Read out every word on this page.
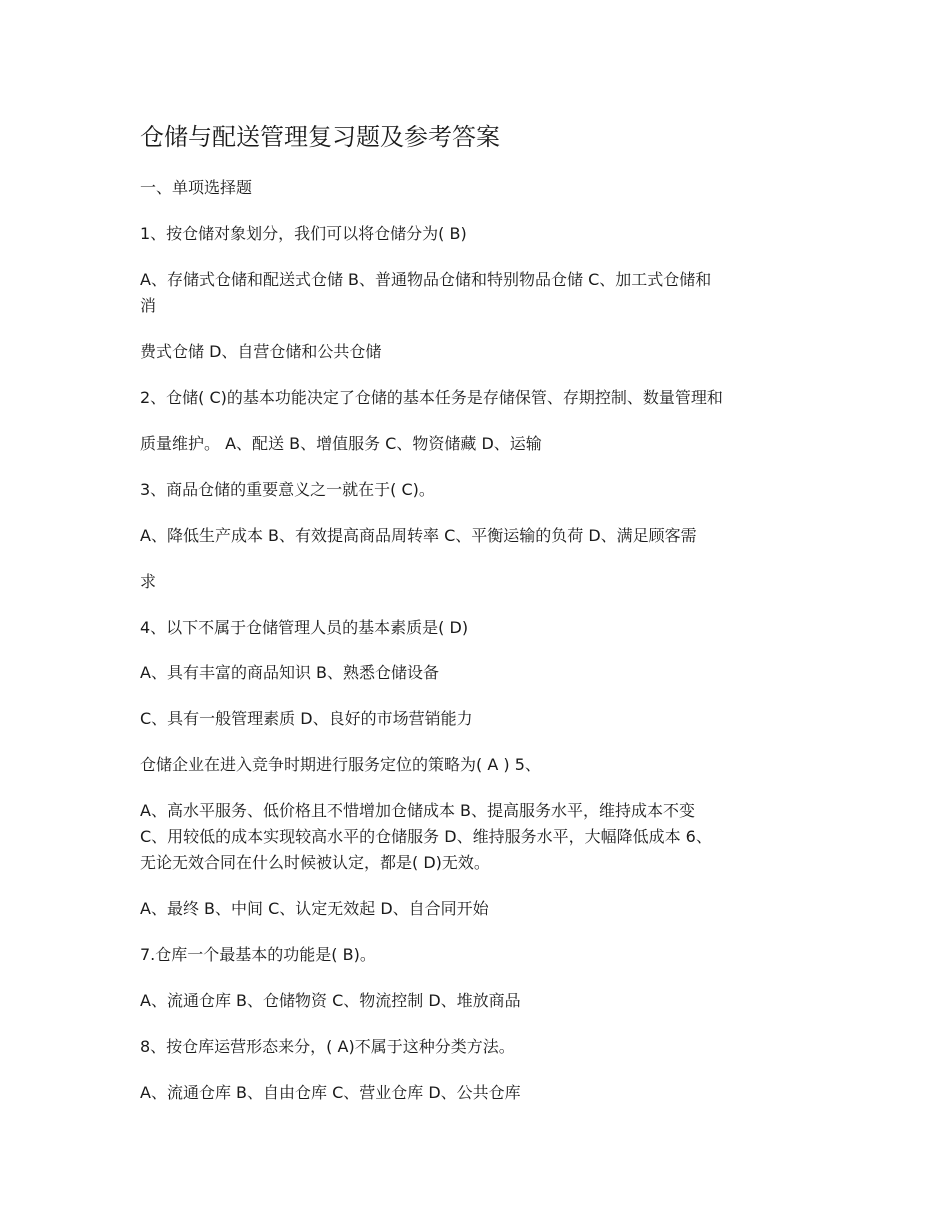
仓储与配送管理复习题及参考答案
一、单项选择题
1、按仓储对象划分，我们可以将仓储分为( B)
A、存储式仓储和配送式仓储 B、普通物品仓储和特别物品仓储 C、加工式仓储和
消
费式仓储 D、自营仓储和公共仓储
2、仓储( C)的基本功能决定了仓储的基本任务是存储保管、存期控制、数量管理和
质量维护。 A、配送 B、增值服务 C、物资储藏 D、运输
3、商品仓储的重要意义之一就在于( C)。
A、降低生产成本 B、有效提高商品周转率 C、平衡运输的负荷 D、满足顾客需
求
4、以下不属于仓储管理人员的基本素质是( D)
A、具有丰富的商品知识 B、熟悉仓储设备
C、具有一般管理素质 D、良好的市场营销能力
仓储企业在进入竞争时期进行服务定位的策略为( A ) 5、
A、高水平服务、低价格且不惜增加仓储成本 B、提高服务水平，维持成本不变
C、用较低的成本实现较高水平的仓储服务 D、维持服务水平，大幅降低成本 6、
无论无效合同在什么时候被认定，都是( D)无效。
A、最终 B、中间 C、认定无效起 D、自合同开始
7.仓库一个最基本的功能是( B)。
A、流通仓库 B、仓储物资 C、物流控制 D、堆放商品
8、按仓库运营形态来分，( A)不属于这种分类方法。
A、流通仓库 B、自由仓库 C、营业仓库 D、公共仓库
